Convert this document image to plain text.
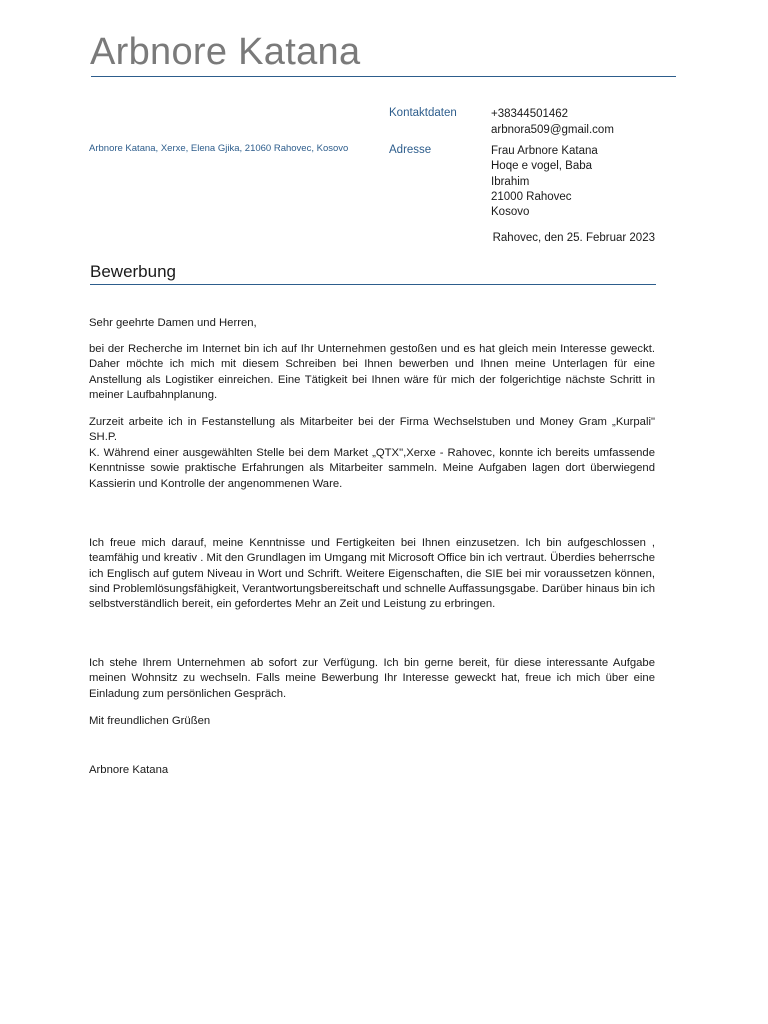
Arbnore Katana
Arbnore Katana, Xerxe, Elena Gjika, 21060 Rahovec, Kosovo
Kontaktdaten	+38344501462
arbnora509@gmail.com
Adresse	Frau Arbnore Katana
Hoqe e vogel, Baba
Ibrahim
21000 Rahovec
Kosovo
Rahovec, den 25. Februar 2023
Bewerbung

Sehr geehrte Damen und Herren,

bei der Recherche im Internet bin ich auf Ihr Unternehmen gestoßen und es hat gleich mein Interesse geweckt. Daher möchte ich mich mit diesem Schreiben bei Ihnen bewerben und Ihnen meine Unterlagen für eine Anstellung als Logistiker einreichen. Eine Tätigkeit bei Ihnen wäre für mich der folgerichtige nächste Schritt in meiner Laufbahnplanung.

Zurzeit arbeite ich in Festanstellung als Mitarbeiter bei der Firma Wechselstuben und Money Gram „Kurpali" SH.P.

K. Während einer ausgewählten Stelle bei dem Market „QTX",Xerxe - Rahovec, konnte ich bereits umfassende Kenntnisse sowie praktische Erfahrungen als Mitarbeiter sammeln. Meine Aufgaben lagen dort überwiegend Kassierin und Kontrolle der angenommenen Ware.

Ich freue mich darauf, meine Kenntnisse und Fertigkeiten bei Ihnen einzusetzen. Ich bin aufgeschlossen , teamfähig und kreativ . Mit den Grundlagen im Umgang mit Microsoft Office bin ich vertraut. Überdies beherrsche ich Englisch auf gutem Niveau in Wort und Schrift. Weitere Eigenschaften, die SIE bei mir voraussetzen können, sind Problemlösungsfähigkeit, Verantwortungsbereitschaft und schnelle Auffassungsgabe. Darüber hinaus bin ich selbstverständlich bereit, ein gefordertes Mehr an Zeit und Leistung zu erbringen.

Ich stehe Ihrem Unternehmen ab sofort zur Verfügung. Ich bin gerne bereit, für diese interessante Aufgabe meinen Wohnsitz zu wechseln. Falls meine Bewerbung Ihr Interesse geweckt hat, freue ich mich über eine Einladung zum persönlichen Gespräch.

Mit freundlichen Grüßen

Arbnore Katana
